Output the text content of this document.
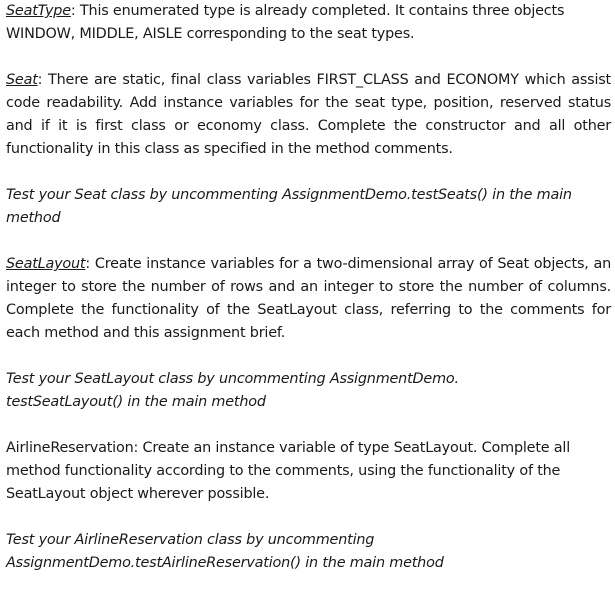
SeatType: This enumerated type is already completed. It contains three objects WINDOW, MIDDLE, AISLE corresponding to the seat types.

Seat: There are static, final class variables FIRST_CLASS and ECONOMY which assist code readability. Add instance variables for the seat type, position, reserved status and if it is first class or economy class. Complete the constructor and all other functionality in this class as specified in the method comments.

Test your Seat class by uncommenting AssignmentDemo.testSeats() in the main method

SeatLayout: Create instance variables for a two-dimensional array of Seat objects, an integer to store the number of rows and an integer to store the number of columns. Complete the functionality of the SeatLayout class, referring to the comments for each method and this assignment brief.

Test your SeatLayout class by uncommenting AssignmentDemo.
testSeatLayout() in the main method

AirlineReservation: Create an instance variable of type SeatLayout. Complete all method functionality according to the comments, using the functionality of the SeatLayout object wherever possible.

Test your AirlineReservation class by uncommenting
AssignmentDemo.testAirlineReservation() in the main method
